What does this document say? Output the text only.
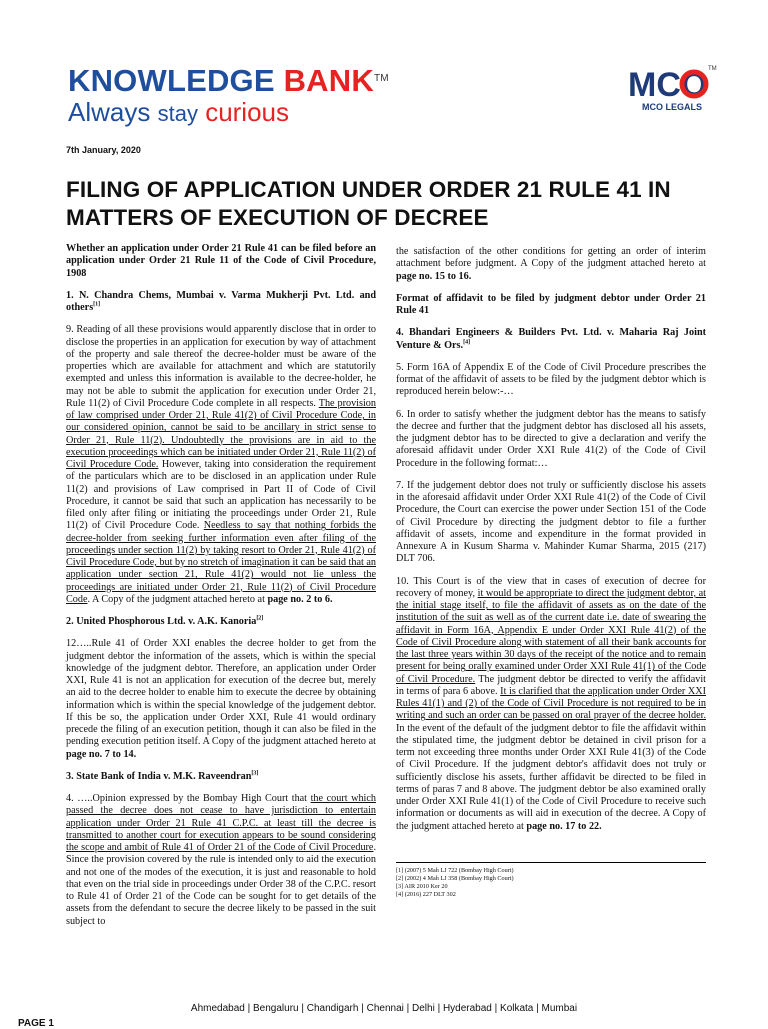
KNOWLEDGE BANK™
Always stay curious
MCO TM
MCO LEGALS
7th January, 2020
FILING OF APPLICATION UNDER ORDER 21 RULE 41 IN MATTERS OF EXECUTION OF DECREE

Whether an application under Order 21 Rule 41 can be filed before an application under Order 21 Rule 11 of the Code of Civil Procedure, 1908

1. N. Chandra Chems, Mumbai v. Varma Mukherji Pvt. Ltd. and others[1]

9. Reading of all these provisions would apparently disclose that in order to disclose the properties in an application for execution by way of attachment of the property and sale thereof the decree-holder must be aware of the properties which are available for attachment and which are statutorily exempted and unless this information is available to the decree-holder, he may not be able to submit the application for execution under Order 21, Rule 11(2) of Civil Procedure Code complete in all respects. The provision of law comprised under Order 21, Rule 41(2) of Civil Procedure Code, in our considered opinion, cannot be said to be ancillary in strict sense to Order 21, Rule 11(2). Undoubtedly the provisions are in aid to the execution proceedings which can be initiated under Order 21, Rule 11(2) of Civil Procedure Code. However, taking into consideration the requirement of the particulars which are to be disclosed in an application under Rule 11(2) and provisions of Law comprised in Part II of Code of Civil Procedure, it cannot be said that such an application has necessarily to be filed only after filing or initiating the proceedings under Order 21, Rule 11(2) of Civil Procedure Code. Needless to say that nothing forbids the decree-holder from seeking further information even after filing of the proceedings under section 11(2) by taking resort to Order 21, Rule 41(2) of Civil Procedure Code, but by no stretch of imagination it can be said that an application under section 21, Rule 41(2) would not lie unless the proceedings are initiated under Order 21, Rule 11(2) of Civil Procedure Code. A Copy of the judgment attached hereto at page no. 2 to 6.

2. United Phosphorous Ltd. v. A.K. Kanoria[2]

12…..Rule 41 of Order XXI enables the decree holder to get from the judgment debtor the information of the assets, which is within the special knowledge of the judgment debtor. Therefore, an application under Order XXI, Rule 41 is not an application for execution of the decree but, merely an aid to the decree holder to enable him to execute the decree by obtaining information which is within the special knowledge of the judgement debtor. If this be so, the application under Order XXI, Rule 41 would ordinary precede the filing of an execution petition, though it can also be filed in the pending execution petition itself. A Copy of the judgment attached hereto at page no. 7 to 14.

3. State Bank of India v. M.K. Raveendran[3]

4. …..Opinion expressed by the Bombay High Court that the court which passed the decree does not cease to have jurisdiction to entertain application under Order 21 Rule 41 C.P.C. at least till the decree is transmitted to another court for execution appears to be sound considering the scope and ambit of Rule 41 of Order 21 of the Code of Civil Procedure. Since the provision covered by the rule is intended only to aid the execution and not one of the modes of the execution, it is just and reasonable to hold that even on the trial side in proceedings under Order 38 of the C.P.C. resort to Rule 41 of Order 21 of the Code can be sought for to get details of the assets from the defendant to secure the decree likely to be passed in the suit subject to

the satisfaction of the other conditions for getting an order of interim attachment before judgment. A Copy of the judgment attached hereto at page no. 15 to 16.

Format of affidavit to be filed by judgment debtor under Order 21 Rule 41

4. Bhandari Engineers & Builders Pvt. Ltd. v. Maharia Raj Joint Venture & Ors.[4]

5. Form 16A of Appendix E of the Code of Civil Procedure prescribes the format of the affidavit of assets to be filed by the judgment debtor which is reproduced herein below:-…

6. In order to satisfy whether the judgment debtor has the means to satisfy the decree and further that the judgment debtor has disclosed all his assets, the judgment debtor has to be directed to give a declaration and verify the aforesaid affidavit under Order XXI Rule 41(2) of the Code of Civil Procedure in the following format:…

7. If the judgement debtor does not truly or sufficiently disclose his assets in the aforesaid affidavit under Order XXI Rule 41(2) of the Code of Civil Procedure, the Court can exercise the power under Section 151 of the Code of Civil Procedure by directing the judgment debtor to file a further affidavit of assets, income and expenditure in the format provided in Annexure A in Kusum Sharma v. Mahinder Kumar Sharma, 2015 (217) DLT 706.

10. This Court is of the view that in cases of execution of decree for recovery of money, it would be appropriate to direct the judgment debtor, at the initial stage itself, to file the affidavit of assets as on the date of the institution of the suit as well as of the current date i.e. date of swearing the affidavit in Form 16A, Appendix E under Order XXI Rule 41(2) of the Code of Civil Procedure along with statement of all their bank accounts for the last three years within 30 days of the receipt of the notice and to remain present for being orally examined under Order XXI Rule 41(1) of the Code of Civil Procedure. The judgment debtor be directed to verify the affidavit in terms of para 6 above. It is clarified that the application under Order XXI Rules 41(1) and (2) of the Code of Civil Procedure is not required to be in writing and such an order can be passed on oral prayer of the decree holder. In the event of the default of the judgment debtor to file the affidavit within the stipulated time, the judgment debtor be detained in civil prison for a term not exceeding three months under Order XXI Rule 41(3) of the Code of Civil Procedure. If the judgment debtor's affidavit does not truly or sufficiently disclose his assets, further affidavit be directed to be filed in terms of paras 7 and 8 above. The judgment debtor be also examined orally under Order XXI Rule 41(1) of the Code of Civil Procedure to receive such information or documents as will aid in execution of the decree. A Copy of the judgment attached hereto at page no. 17 to 22.

[1] (2007) 5 Mah LJ 722 (Bombay High Court)
[2] (2002) 4 Mah LJ 358 (Bombay High Court)
[3] AIR 2010 Ker 20
[4] (2016) 227 DLT 302
Ahmedabad | Bengaluru | Chandigarh | Chennai | Delhi | Hyderabad | Kolkata | Mumbai
PAGE 1
